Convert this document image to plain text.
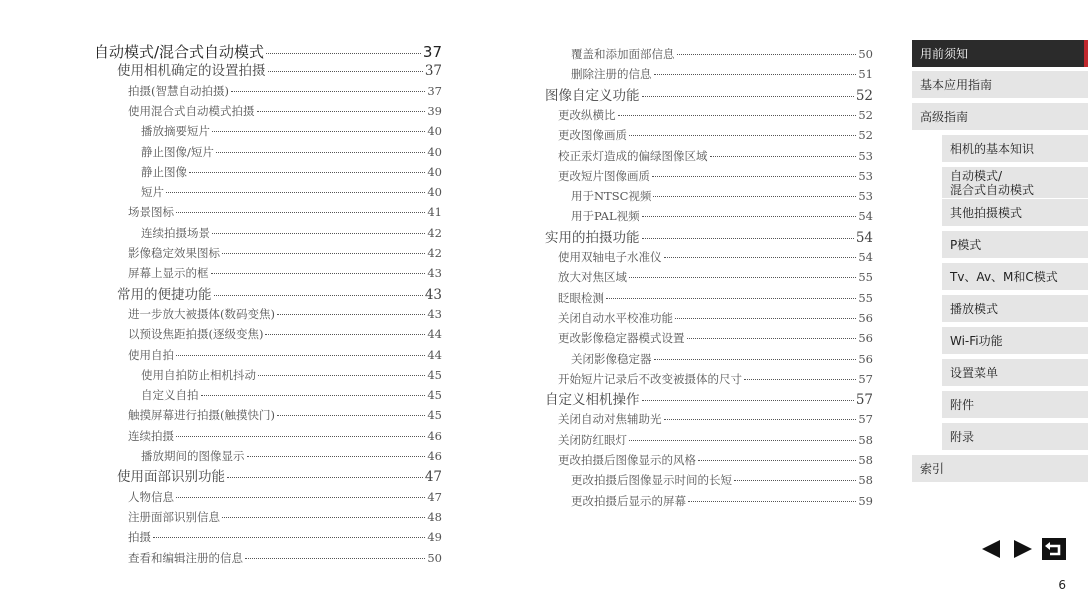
自动模式/混合式自动模式	37
使用相机确定的设置拍摄	37
拍摄(智慧自动拍摄)	37
使用混合式自动模式拍摄	39
播放摘要短片	40
静止图像/短片	40
静止图像	40
短片	40
场景图标	41
连续拍摄场景	42
影像稳定效果图标	42
屏幕上显示的框	43
常用的便捷功能	43
进一步放大被摄体(数码变焦)	43
以预设焦距拍摄(逐级变焦)	44
使用自拍	44
使用自拍防止相机抖动	45
自定义自拍	45
触摸屏幕进行拍摄(触摸快门)	45
连续拍摄	46
播放期间的图像显示	46
使用面部识别功能	47
人物信息	47
注册面部识别信息	48
拍摄	49
查看和编辑注册的信息	50
覆盖和添加面部信息	50
删除注册的信息	51
图像自定义功能	52
更改纵横比	52
更改图像画质	52
校正汞灯造成的偏绿图像区域	53
更改短片图像画质	53
用于NTSC视频	53
用于PAL视频	54
实用的拍摄功能	54
使用双轴电子水准仪	54
放大对焦区域	55
眨眼检测	55
关闭自动水平校准功能	56
更改影像稳定器模式设置	56
关闭影像稳定器	56
开始短片记录后不改变被摄体的尺寸	57
自定义相机操作	57
关闭自动对焦辅助光	57
关闭防红眼灯	58
更改拍摄后图像显示的风格	58
更改拍摄后图像显示时间的长短	58
更改拍摄后显示的屏幕	59
用前须知
基本应用指南
高级指南
相机的基本知识
自动模式/
混合式自动模式
其他拍摄模式
P模式
Tv、Av、M和C模式
播放模式
Wi-Fi功能
设置菜单
附件
附录
索引
6
